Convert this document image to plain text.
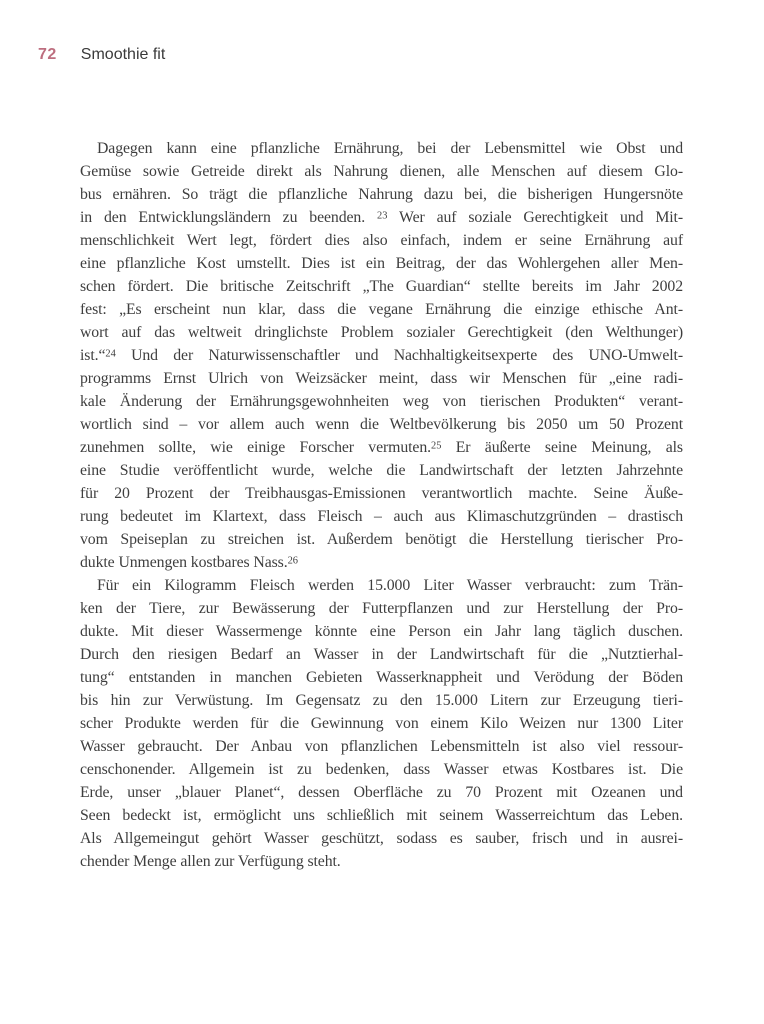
72 Smoothie fit
Dagegen kann eine pflanzliche Ernährung, bei der Lebensmittel wie Obst und
Gemüse sowie Getreide direkt als Nahrung dienen, alle Menschen auf diesem Glo-
bus ernähren. So trägt die pflanzliche Nahrung dazu bei, die bisherigen Hungersnöte
in den Entwicklungsländern zu beenden. $^{23}$ Wer auf soziale Gerechtigkeit und Mit-
menschlichkeit Wert legt, fördert dies also einfach, indem er seine Ernährung auf
eine pflanzliche Kost umstellt. Dies ist ein Beitrag, der das Wohlergehen aller Men-
schen fördert. Die britische Zeitschrift „The Guardian“ stellte bereits im Jahr 2002
fest: „Es erscheint nun klar, dass die vegane Ernährung die einzige ethische Ant-
wort auf das weltweit dringlichste Problem sozialer Gerechtigkeit (den Welthunger)
ist.“$^{24}$ Und der Naturwissenschaftler und Nachhaltigkeitsexperte des UNO-Umwelt-
programms Ernst Ulrich von Weizsäcker meint, dass wir Menschen für „eine radi-
kale Änderung der Ernährungsgewohnheiten weg von tierischen Produkten“ verant-
wortlich sind – vor allem auch wenn die Weltbevölkerung bis 2050 um 50 Prozent
zunehmen sollte, wie einige Forscher vermuten.$^{25}$ Er äußerte seine Meinung, als
eine Studie veröffentlicht wurde, welche die Landwirtschaft der letzten Jahrzehnte
für 20 Prozent der Treibhausgas-Emissionen verantwortlich machte. Seine Äuße-
rung bedeutet im Klartext, dass Fleisch – auch aus Klimaschutzgründen – drastisch
vom Speiseplan zu streichen ist. Außerdem benötigt die Herstellung tierischer Pro-
dukte Unmengen kostbares Nass.$^{26}$
Für ein Kilogramm Fleisch werden 15.000 Liter Wasser verbraucht: zum Trän-
ken der Tiere, zur Bewässerung der Futterpflanzen und zur Herstellung der Pro-
dukte. Mit dieser Wassermenge könnte eine Person ein Jahr lang täglich duschen.
Durch den riesigen Bedarf an Wasser in der Landwirtschaft für die „Nutztierhal-
tung“ entstanden in manchen Gebieten Wasserknappheit und Verödung der Böden
bis hin zur Verwüstung. Im Gegensatz zu den 15.000 Litern zur Erzeugung tieri-
scher Produkte werden für die Gewinnung von einem Kilo Weizen nur 1300 Liter
Wasser gebraucht. Der Anbau von pflanzlichen Lebensmitteln ist also viel ressour-
censchonender. Allgemein ist zu bedenken, dass Wasser etwas Kostbares ist. Die
Erde, unser „blauer Planet“, dessen Oberfläche zu 70 Prozent mit Ozeanen und
Seen bedeckt ist, ermöglicht uns schließlich mit seinem Wasserreichtum das Leben.
Als Allgemeingut gehört Wasser geschützt, sodass es sauber, frisch und in ausrei-
chender Menge allen zur Verfügung steht.
